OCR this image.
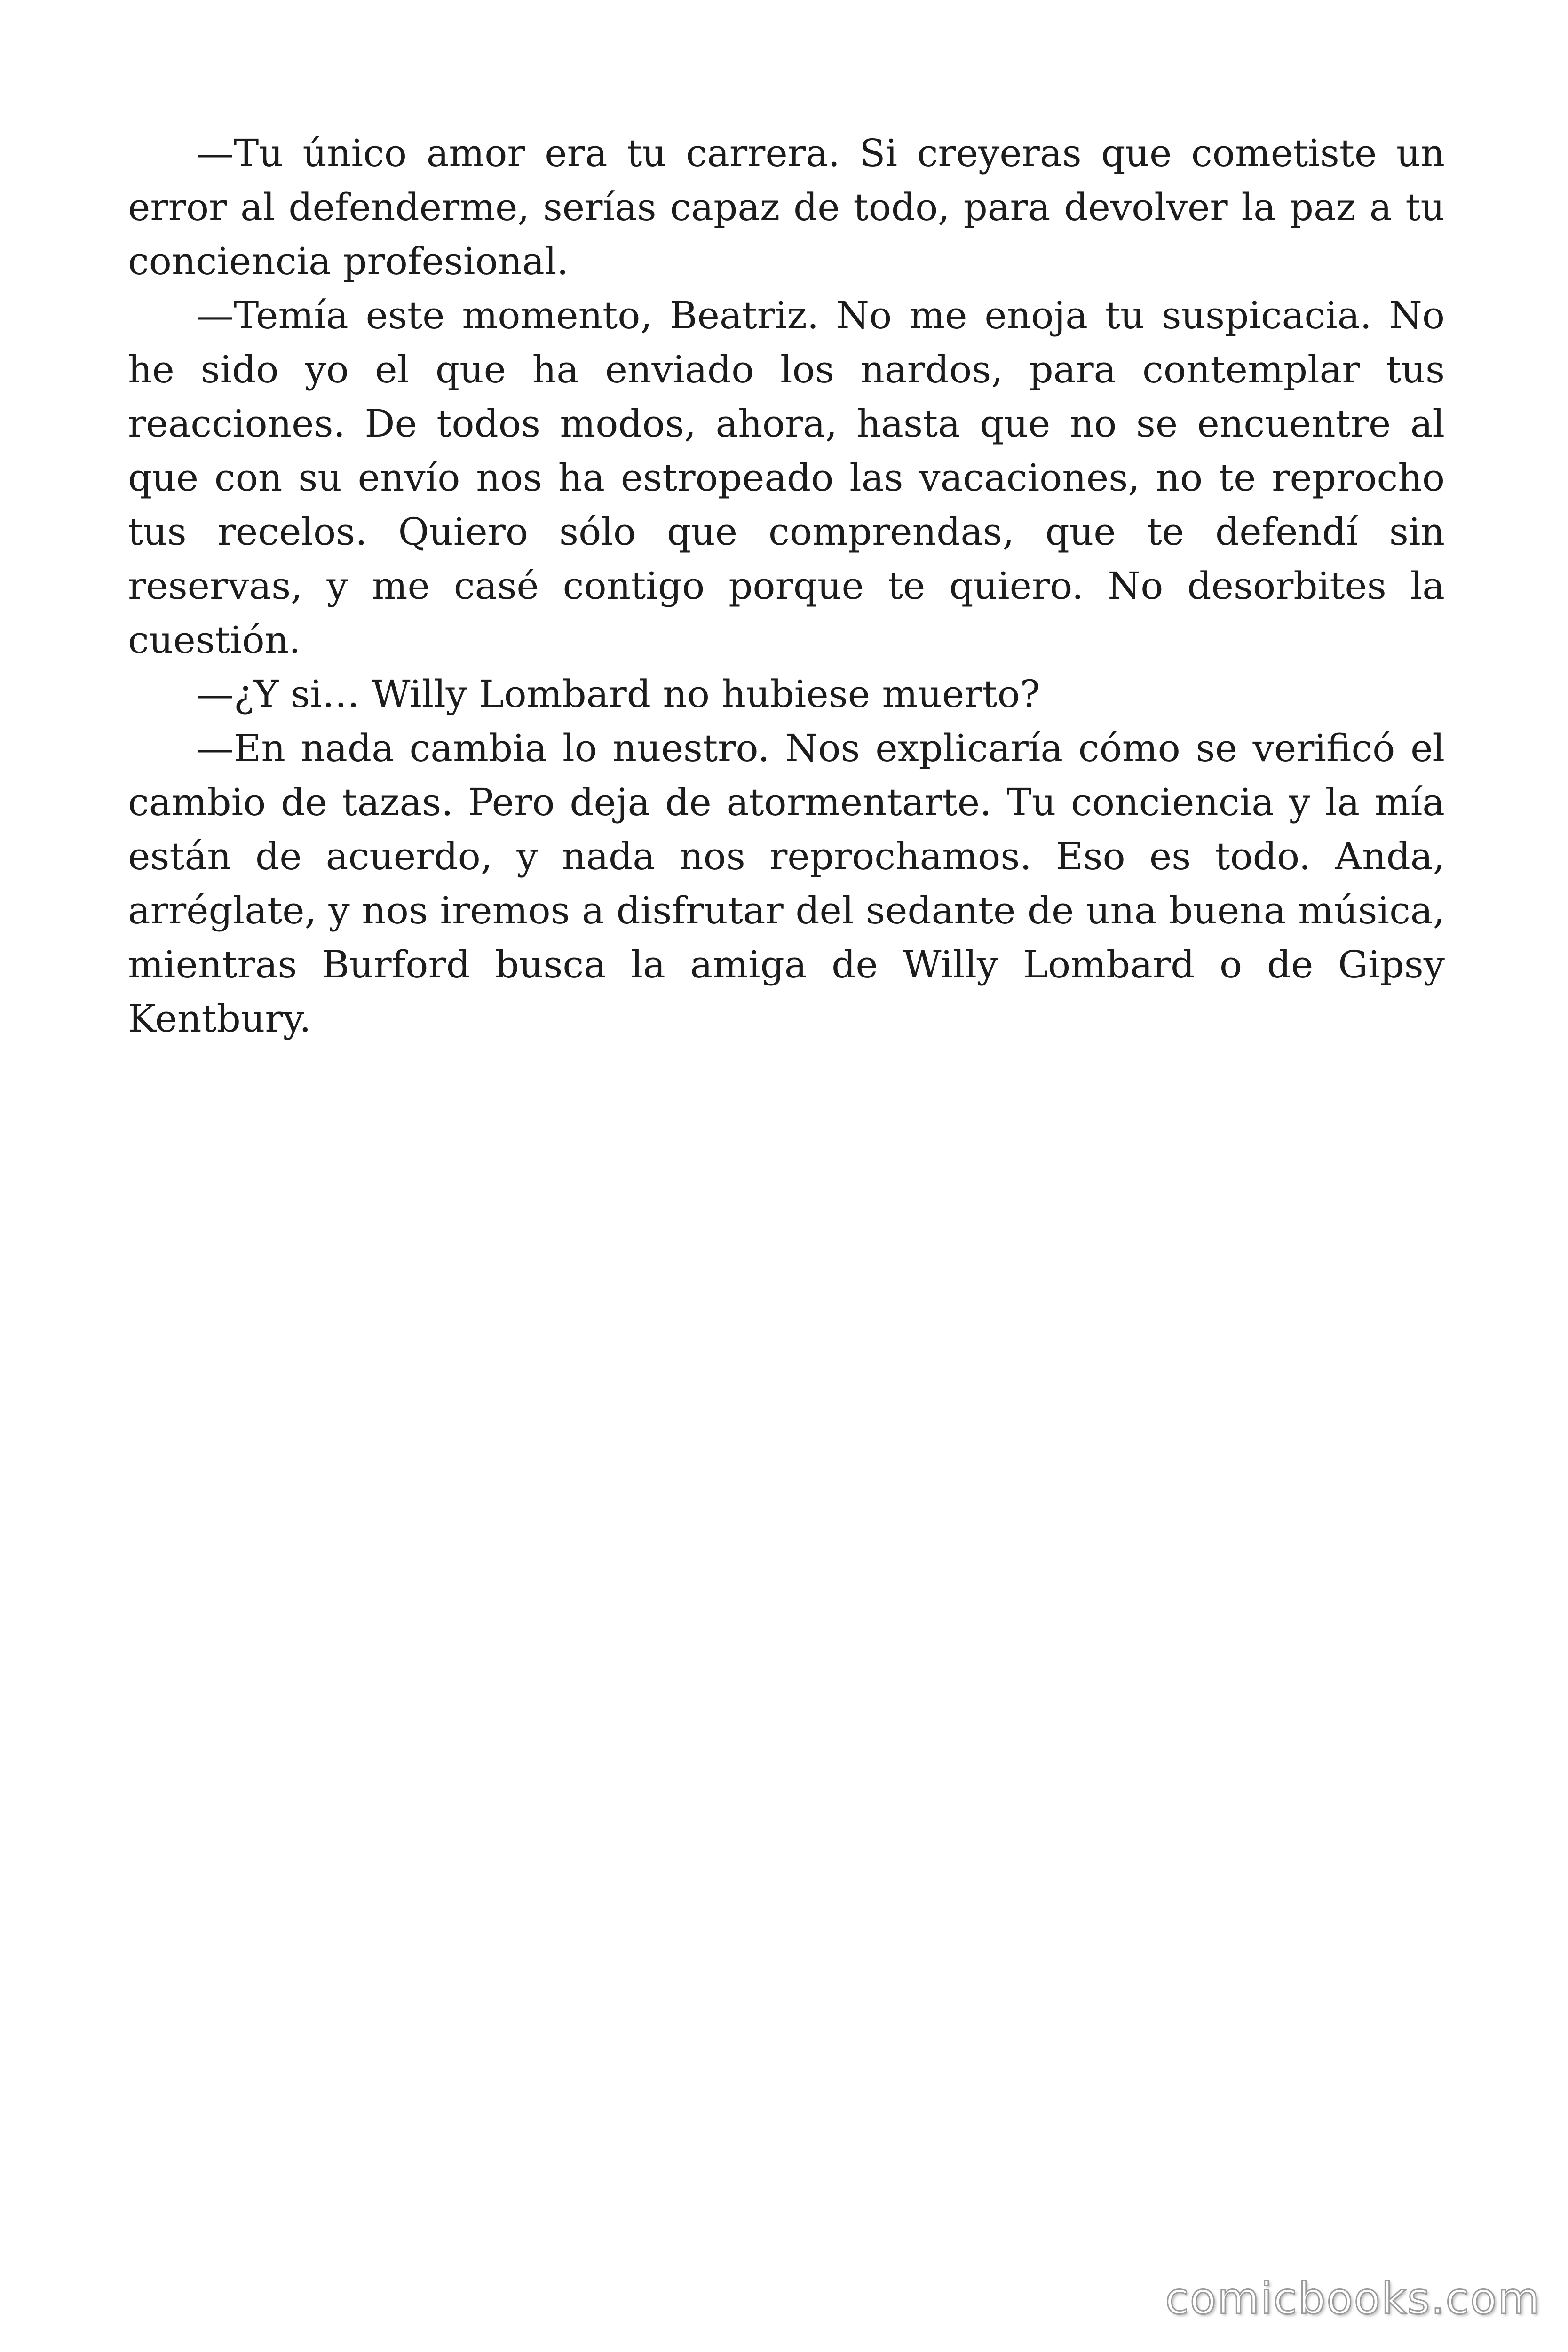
—Tu único amor era tu carrera. Si creyeras que cometiste un error al defenderme, serías capaz de todo, para devolver la paz a tu conciencia profesional.

—Temía este momento, Beatriz. No me enoja tu suspicacia. No he sido yo el que ha enviado los nardos, para contemplar tus reacciones. De todos modos, ahora, hasta que no se encuentre al que con su envío nos ha estropeado las vacaciones, no te reprocho tus recelos. Quiero sólo que comprendas, que te defendí sin reservas, y me casé contigo porque te quiero. No desorbites la cuestión.

—¿Y si… Willy Lombard no hubiese muerto?

—En nada cambia lo nuestro. Nos explicaría cómo se verificó el cambio de tazas. Pero deja de atormentarte. Tu conciencia y la mía están de acuerdo, y nada nos reprochamos. Eso es todo. Anda, arréglate, y nos iremos a disfrutar del sedante de una buena música, mientras Burford busca la amiga de Willy Lombard o de Gipsy Kentbury.

comicbooks.com
